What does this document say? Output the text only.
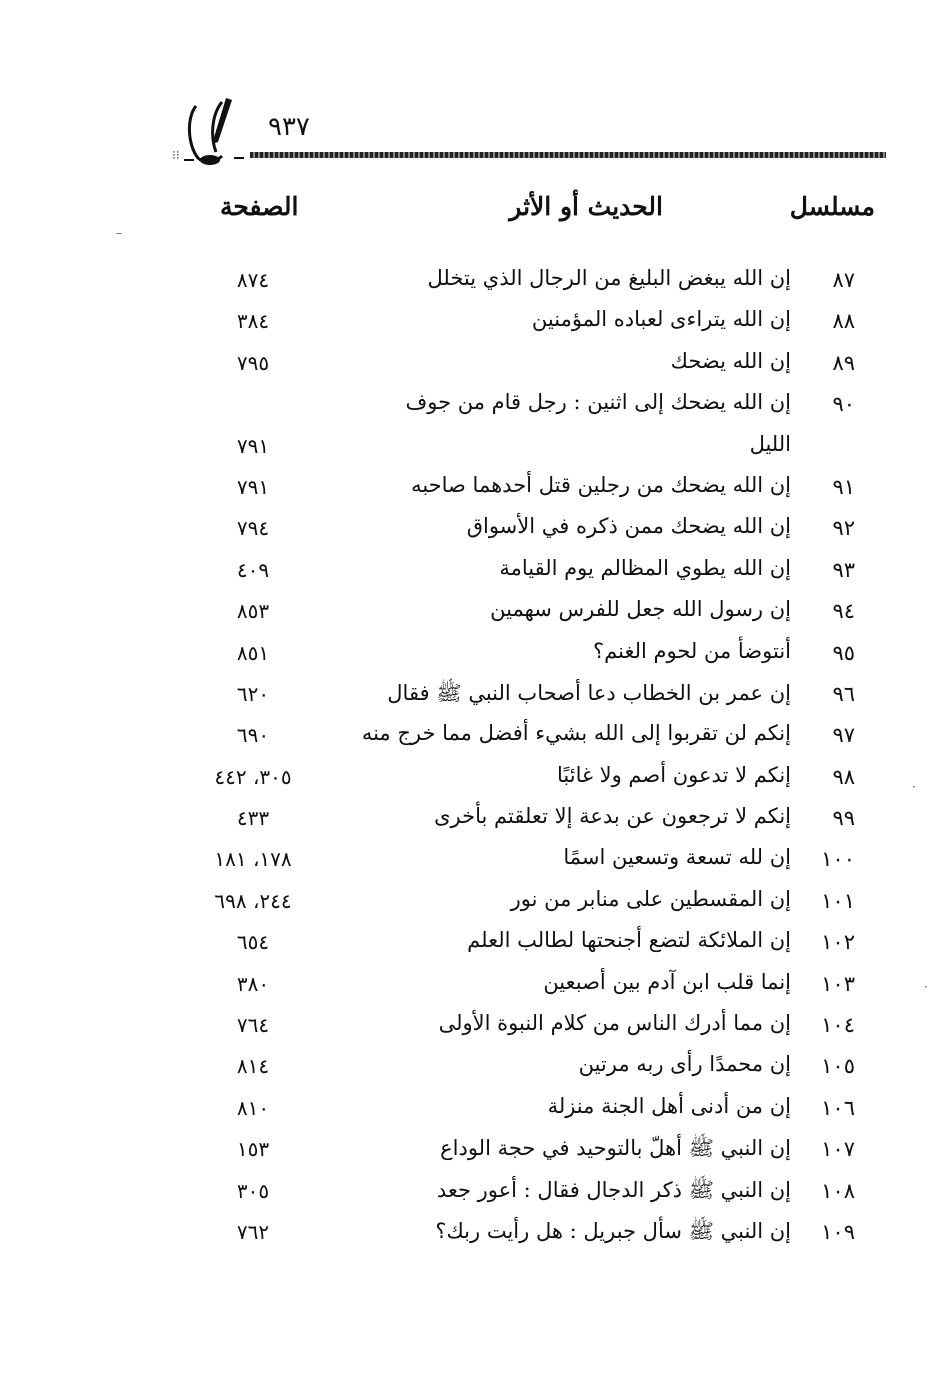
٩٣٧
⁝⁝
مسلسل
الحديث أو الأثر
الصفحة
٨٧
إن الله يبغض البليغ من الرجال الذي يتخلل
٨٧٤
٨٨
إن الله يتراءى لعباده المؤمنين
٣٨٤
٨٩
إن الله يضحك
٧٩٥
٩٠
إن الله يضحك إلى اثنين : رجل قام من جوف
الليل
٧٩١
٩١
إن الله يضحك من رجلين قتل أحدهما صاحبه
٧٩١
٩٢
إن الله يضحك ممن ذكره في الأسواق
٧٩٤
٩٣
إن الله يطوي المظالم يوم القيامة
٤٠٩
٩٤
إن رسول الله جعل للفرس سهمين
٨٥٣
٩٥
أنتوضأ من لحوم الغنم؟
٨٥١
٩٦
إن عمر بن الخطاب دعا أصحاب النبي ﷺ فقال
٦٢٠
٩٧
إنكم لن تقربوا إلى الله بشيء أفضل مما خرج منه
٦٩٠
٩٨
إنكم لا تدعون أصم ولا غائبًا
٣٠٥، ٤٤٢
٩٩
إنكم لا ترجعون عن بدعة إلا تعلقتم بأخرى
٤٣٣
١٠٠
إن لله تسعة وتسعين اسمًا
١٧٨، ١٨١
١٠١
إن المقسطين على منابر من نور
٢٤٤، ٦٩٨
١٠٢
إن الملائكة لتضع أجنحتها لطالب العلم
٦٥٤
١٠٣
إنما قلب ابن آدم بين أصبعين
٣٨٠
١٠٤
إن مما أدرك الناس من كلام النبوة الأولى
٧٦٤
١٠٥
إن محمدًا رأى ربه مرتين
٨١٤
١٠٦
إن من أدنى أهل الجنة منزلة
٨١٠
١٠٧
إن النبي ﷺ أهلّ بالتوحيد في حجة الوداع
١٥٣
١٠٨
إن النبي ﷺ ذكر الدجال فقال : أعور جعد
٣٠٥
١٠٩
إن النبي ﷺ سأل جبريل : هل رأيت ربك؟
٧٦٢
–
·
·
